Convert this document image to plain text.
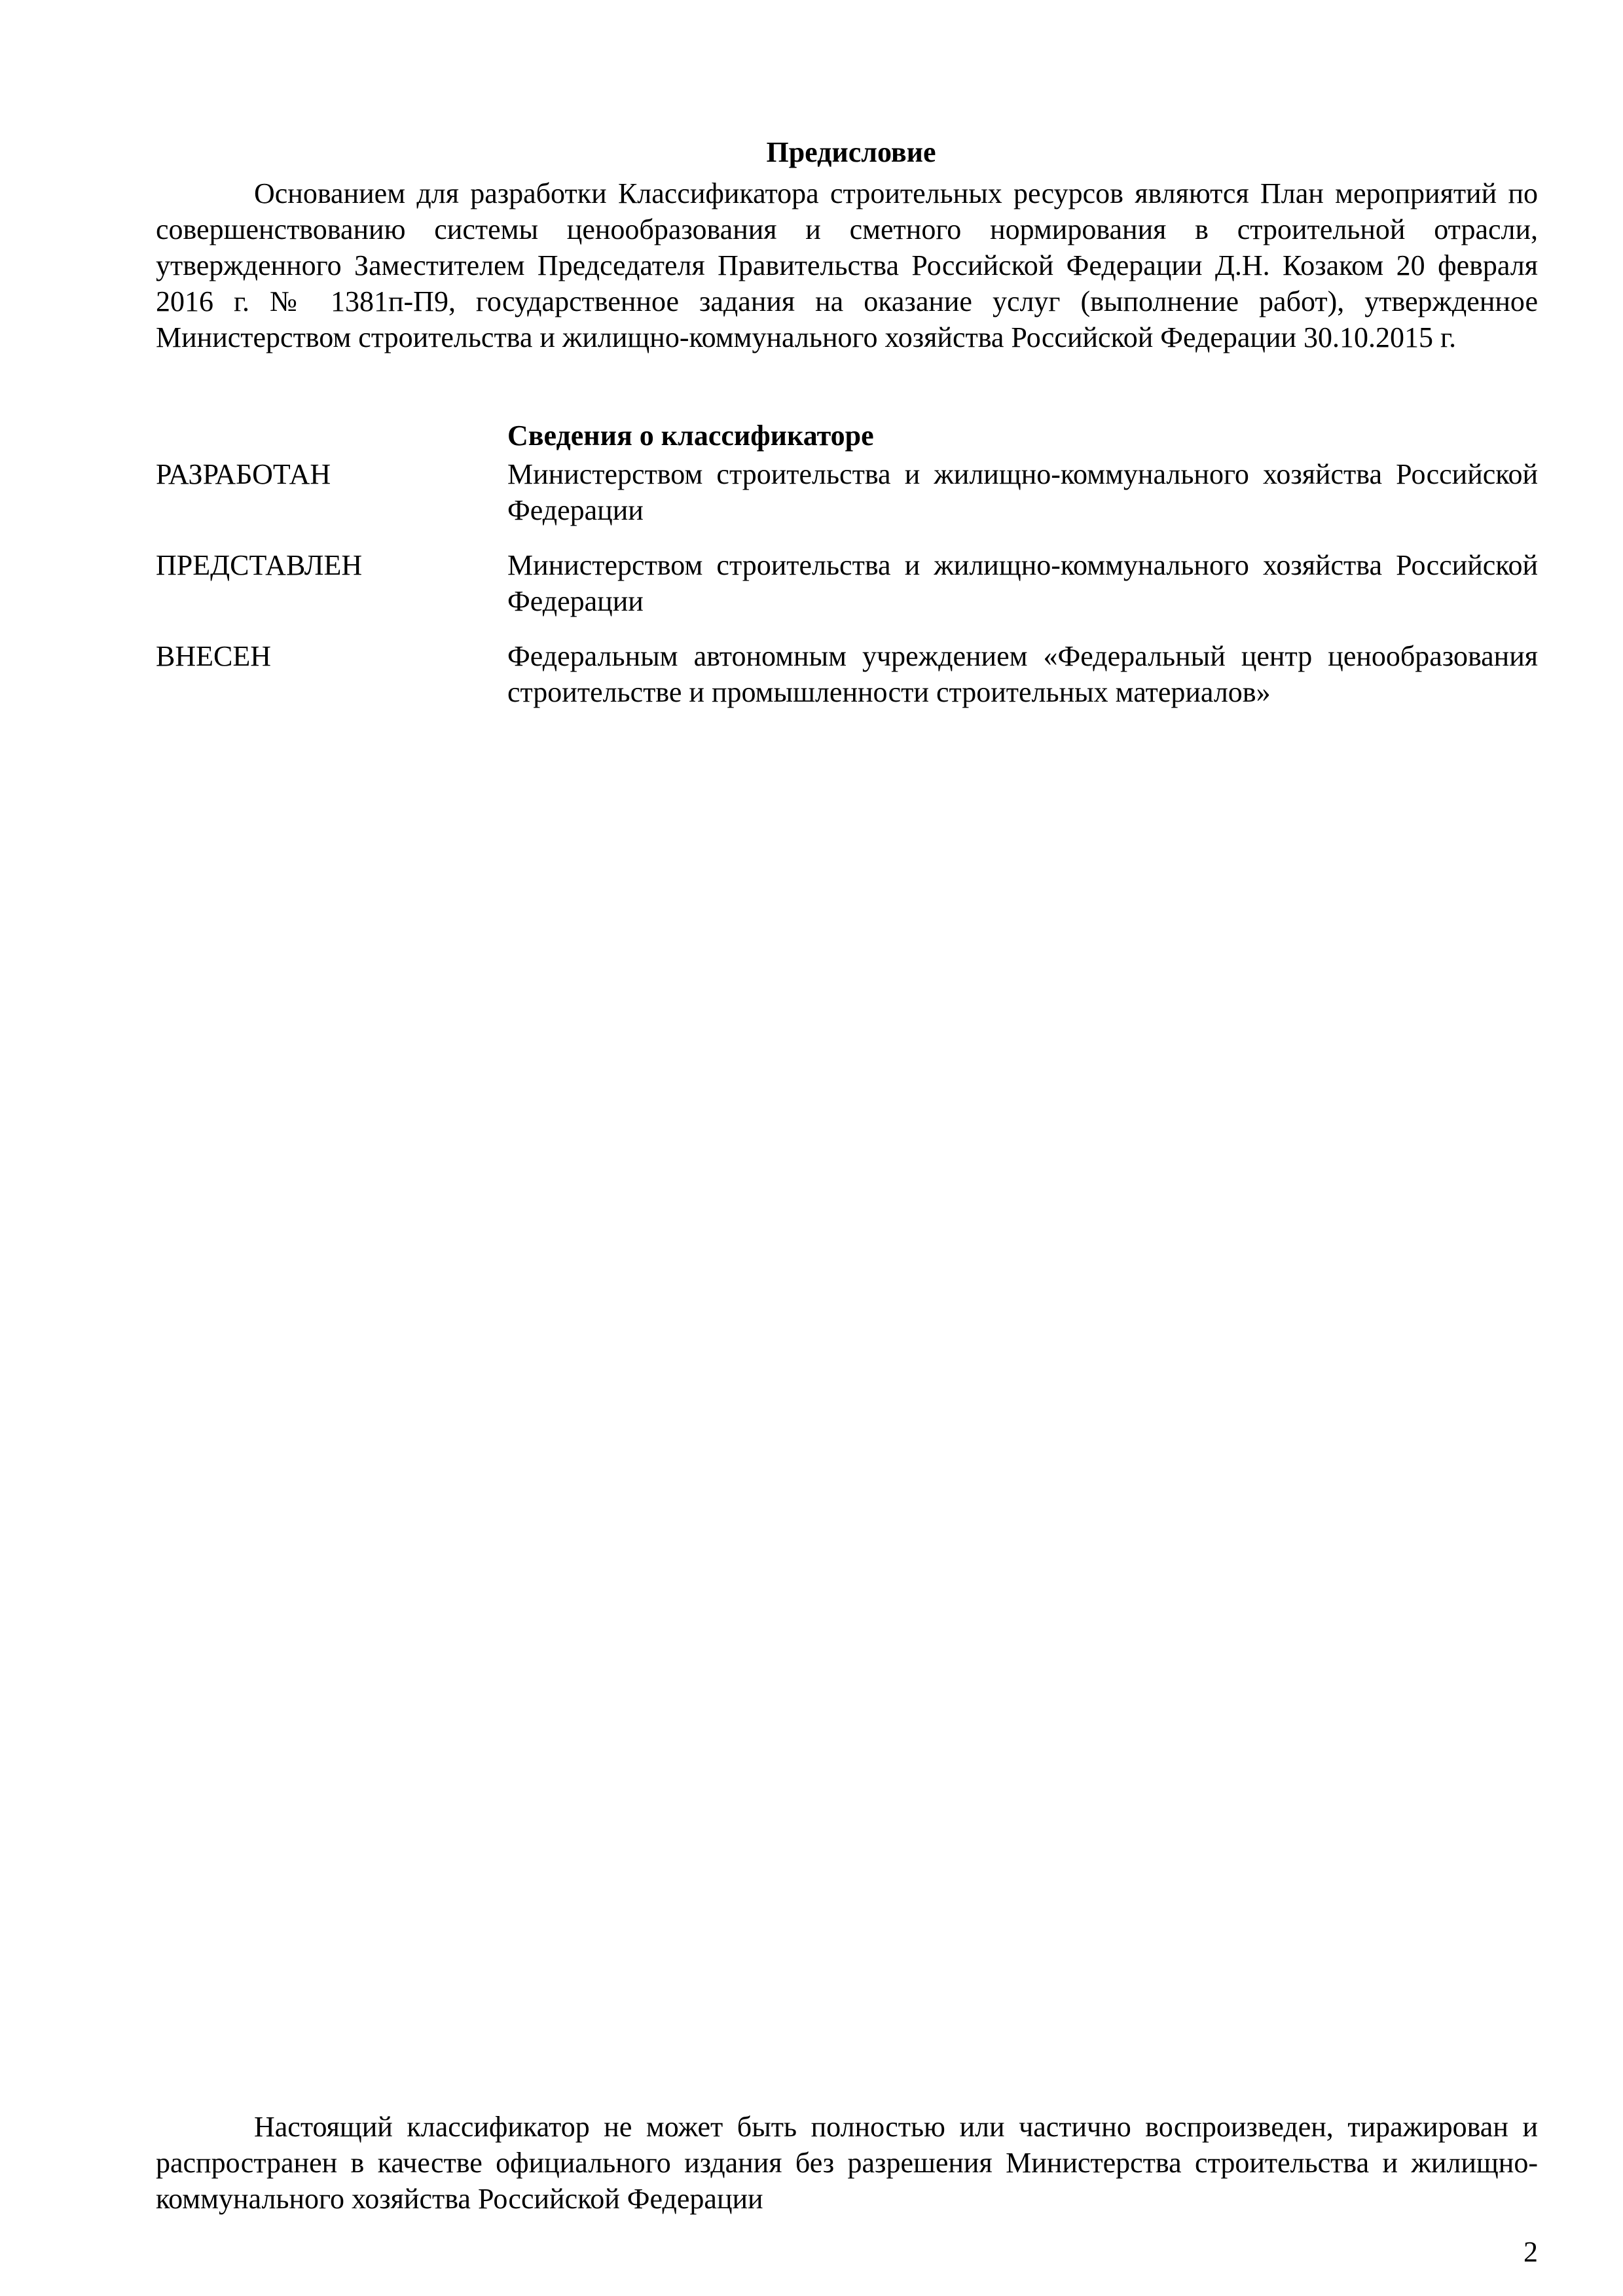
Предисловие

Основанием для разработки Классификатора строительных ресурсов являются План мероприятий по совершенствованию системы ценообразования и сметного нормирования в строительной отрасли, утвержденного Заместителем Председателя Правительства Российской Федерации Д.Н. Козаком 20 февраля 2016 г. № 1381п-П9, государственное задания на оказание услуг (выполнение работ), утвержденное Министерством строительства и жилищно-коммунального хозяйства Российской Федерации 30.10.2015 г.

Сведения о классификаторе
РАЗРАБОТАН	Министерством строительства и жилищно-коммунального хозяйства Российской Федерации
ПРЕДСТАВЛЕН	Министерством строительства и жилищно-коммунального хозяйства Российской Федерации
ВНЕСЕН	Федеральным автономным учреждением «Федеральный центр ценообразования строительстве и промышленности строительных материалов»

Настоящий классификатор не может быть полностью или частично воспроизведен, тиражирован и распространен в качестве официального издания без разрешения Министерства строительства и жилищно-коммунального хозяйства Российской Федерации

2
